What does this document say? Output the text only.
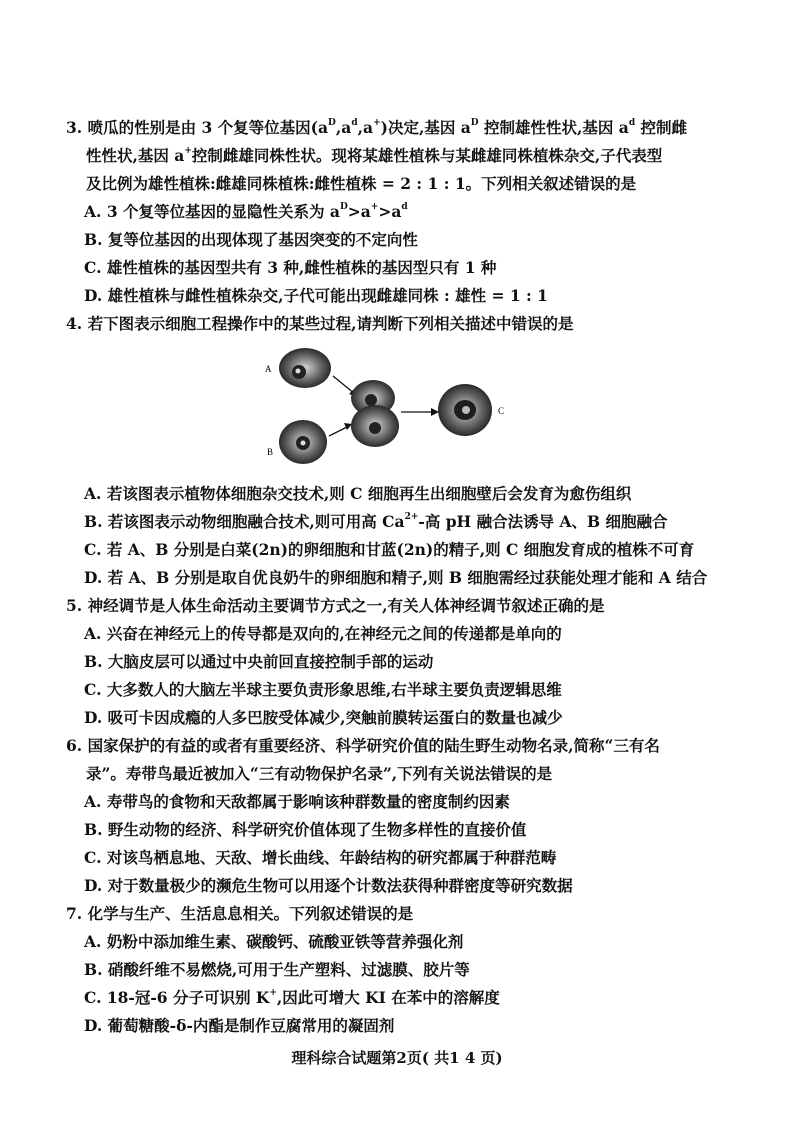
3. 喷瓜的性别是由 3 个复等位基因$(a^D,a^d,a^+)$决定,基因 $a^D$ 控制雄性性状,基因 $a^d$ 控制雌
性性状,基因 a+控制雌雄同株性状。现将某雄性植株与某雌雄同株植株杂交,子代表型
及比例为雄性植株:雌雄同株植株:雌性植株 = 2 : 1 : 1。下列相关叙述错误的是
A. 3 个复等位基因的显隐性关系为 $a^D>a^+>a^d$
B. 复等位基因的出现体现了基因突变的不定向性
C. 雄性植株的基因型共有 3 种,雌性植株的基因型只有 1 种
D. 雄性植株与雌性植株杂交,子代可能出现雌雄同株 : 雄性 = 1 : 1
4. 若下图表示细胞工程操作中的某些过程,请判断下列相关描述中错误的是
A
B
C
A. 若该图表示植物体细胞杂交技术,则 C 细胞再生出细胞壁后会发育为愈伤组织
B. 若该图表示动物细胞融合技术,则可用高 $Ca^{2+}-$高 pH 融合法诱导 A、B 细胞融合
C. 若 A、B 分别是白菜(2n)的卵细胞和甘蓝(2n)的精子,则 C 细胞发育成的植株不可育
D. 若 A、B 分别是取自优良奶牛的卵细胞和精子,则 B 细胞需经过获能处理才能和 A 结合
5. 神经调节是人体生命活动主要调节方式之一,有关人体神经调节叙述正确的是
A. 兴奋在神经元上的传导都是双向的,在神经元之间的传递都是单向的
B. 大脑皮层可以通过中央前回直接控制手部的运动
C. 大多数人的大脑左半球主要负责形象思维,右半球主要负责逻辑思维
D. 吸可卡因成瘾的人多巴胺受体减少,突触前膜转运蛋白的数量也减少
6. 国家保护的有益的或者有重要经济、科学研究价值的陆生野生动物名录,简称“三有名
录”。寿带鸟最近被加入“三有动物保护名录”,下列有关说法错误的是
A. 寿带鸟的食物和天敌都属于影响该种群数量的密度制约因素
B. 野生动物的经济、科学研究价值体现了生物多样性的直接价值
C. 对该鸟栖息地、天敌、增长曲线、年龄结构的研究都属于种群范畴
D. 对于数量极少的濒危生物可以用逐个计数法获得种群密度等研究数据
7. 化学与生产、生活息息相关。下列叙述错误的是
A. 奶粉中添加维生素、碳酸钙、硫酸亚铁等营养强化剂
B. 硝酸纤维不易燃烧,可用于生产塑料、过滤膜、胶片等
C. 18-冠-6 分子可识别 K+,因此可增大 KI 在苯中的溶解度
D. 葡萄糖酸-δ-内酯是制作豆腐常用的凝固剂
理科综合试题第2页( 共1 4 页)
